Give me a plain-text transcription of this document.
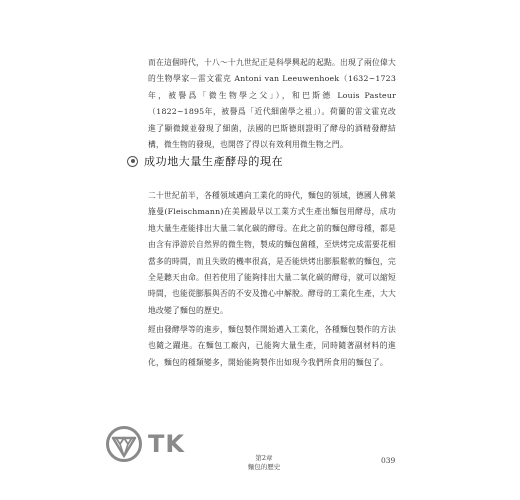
而在這個時代，十八～十九世紀正是科學興起的起點。出現了兩位偉大的生物學家－雷文霍克 Antoni van Leeuwenhoek（1632~1723年，被譽爲「微生物學之父」），和巴斯德 Louis Pasteur（1822~1895年，被譽爲「近代細菌學之祖」）。荷蘭的雷文霍克改進了顯微鏡並發現了細菌，法國的巴斯德則證明了酵母的酒精發酵結構，微生物的發現，也開啓了得以有效利用微生物之門。

成功地大量生產酵母的現在

二十世紀前半，各種領域邁向工業化的時代，麵包的領域，德國人佛萊施曼(Fleischmann)在美國最早以工業方式生產出麵包用酵母，成功地大量生產能排出大量二氧化碳的酵母。在此之前的麵包酵母種，都是由含有淨游於自然界的微生物，製成的麵包菌種，至烘烤完成需要花相當多的時間，而且失敗的機率很高，是否能烘烤出膨脹鬆軟的麵包，完全是聽天由命。但若使用了能夠排出大量二氧化碳的酵母，就可以縮短時間，也能從膨脹與否的不安及擔心中解脫。酵母的工業化生產，大大地改變了麵包的歷史。

經由發酵學等的進步，麵包製作開始邁入工業化，各種麵包製作的方法也隨之躍進。在麵包工廠內，已能夠大量生產，同時隨著副材料的進化，麵包的種類變多，開始能夠製作出如現今我們所食用的麵包了。

TK	第2章
麵包的歷史
039
